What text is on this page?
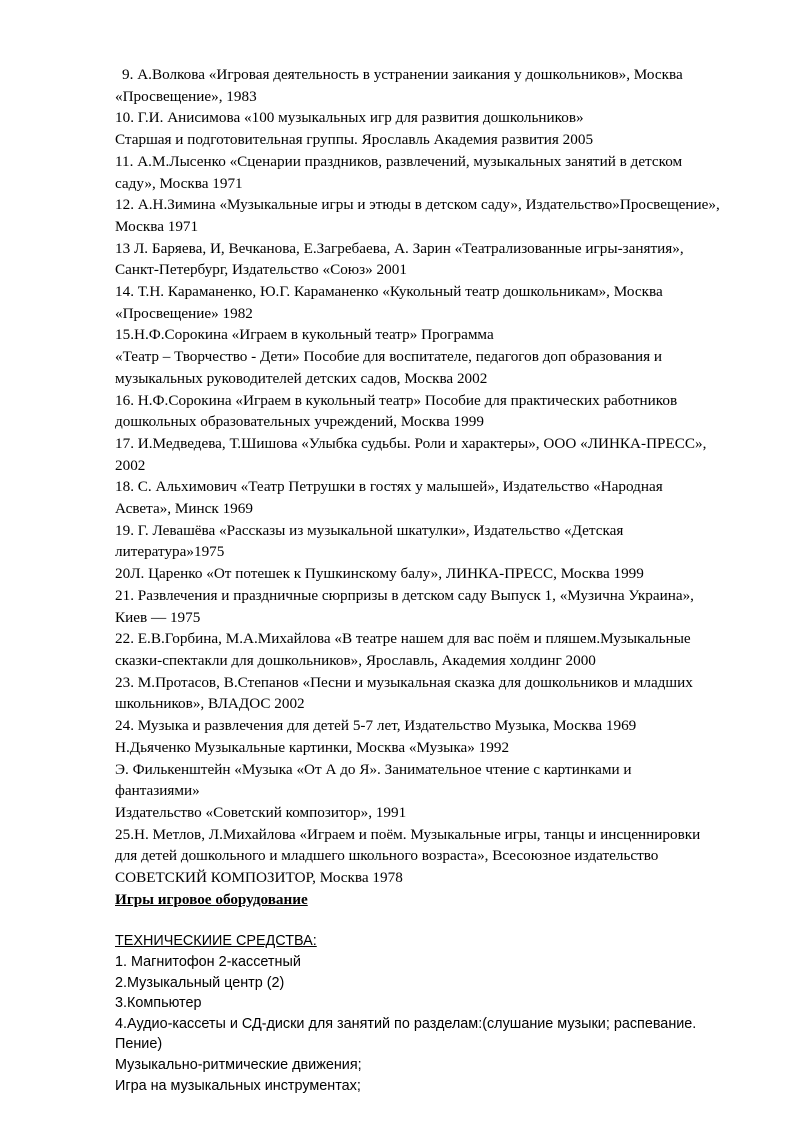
9. А.Волкова «Игровая деятельность в устранении заикания у дошкольников», Москва
«Просвещение», 1983
10. Г.И. Анисимова «100 музыкальных игр для развития дошкольников»
Старшая и подготовительная группы. Ярославль Академия развития 2005
11. А.М.Лысенко «Сценарии праздников, развлечений, музыкальных занятий в детском
саду», Москва 1971
12. А.Н.Зимина «Музыкальные игры и этюды в детском саду», Издательство»Просвещение»,
Москва 1971
13 Л. Баряева, И, Вечканова, Е.Загребаева, А. Зарин «Театрализованные игры-занятия»,
Санкт-Петербург, Издательство «Союз» 2001
14. Т.Н. Караманенко, Ю.Г. Караманенко «Кукольный театр дошкольникам», Москва
«Просвещение» 1982
15.Н.Ф.Сорокина «Играем в кукольный театр» Программа
«Театр – Творчество - Дети» Пособие для воспитателе, педагогов доп образования и
музыкальных руководителей детских садов, Москва 2002
16. Н.Ф.Сорокина «Играем в кукольный театр» Пособие для практических работников
дошкольных образовательных учреждений, Москва 1999
17. И.Медведева, Т.Шишова «Улыбка судьбы. Роли и характеры», ООО «ЛИНКА-ПРЕСС»,
2002
18. С. Альхимович «Театр Петрушки в гостях у малышей», Издательство «Народная
Асвета», Минск 1969
19. Г. Левашёва «Рассказы из музыкальной шкатулки», Издательство «Детская
литература»1975
20Л. Царенко «От потешек к Пушкинскому балу», ЛИНКА-ПРЕСС, Москва 1999
21. Развлечения и праздничные сюрпризы в детском саду Выпуск 1, «Музична Украина»,
Киев — 1975
22. Е.В.Горбина, М.А.Михайлова «В театре нашем для вас поём и пляшем.Музыкальные
сказки-спектакли для дошкольников», Ярославль, Академия холдинг 2000
23. М.Протасов, В.Степанов «Песни и музыкальная сказка для дошкольников и младших
школьников», ВЛАДОС 2002
24. Музыка и развлечения для детей 5-7 лет, Издательство Музыка, Москва 1969
Н.Дьяченко Музыкальные картинки, Москва «Музыка» 1992
Э. Филькенштейн «Музыка «От А до Я». Занимательное чтение с картинками и
фантазиями»
Издательство «Советский композитор», 1991
25.Н. Метлов, Л.Михайлова «Играем и поём. Музыкальные игры, танцы и инсценнировки
для детей дошкольного и младшего школьного возраста», Всесоюзное издательство
СОВЕТСКИЙ КОМПОЗИТОР, Москва 1978
Игры игровое оборудование
ТЕХНИЧЕСКИИЕ СРЕДСТВА:
1. Магнитофон 2-кассетный
2.Музыкальный центр (2)
3.Компьютер
4.Аудио-кассеты и СД-диски для занятий по разделам:(слушание музыки; распевание.
Пение)
Музыкально-ритмические движения;
Игра на музыкальных инструментах;
